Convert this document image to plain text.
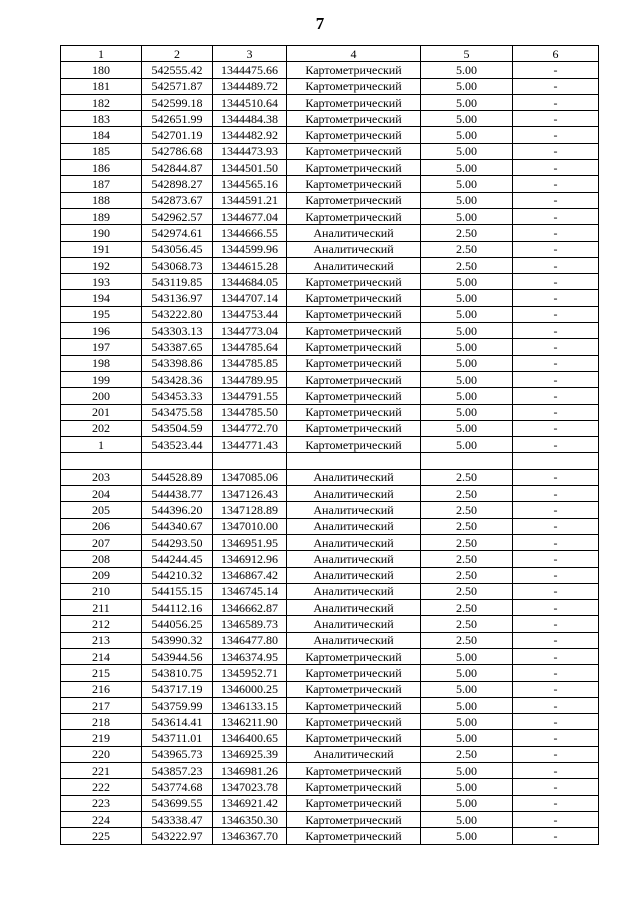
7
1	2	3	4	5	6
180	542555.42	1344475.66	Картометрический	5.00	-
181	542571.87	1344489.72	Картометрический	5.00	-
182	542599.18	1344510.64	Картометрический	5.00	-
183	542651.99	1344484.38	Картометрический	5.00	-
184	542701.19	1344482.92	Картометрический	5.00	-
185	542786.68	1344473.93	Картометрический	5.00	-
186	542844.87	1344501.50	Картометрический	5.00	-
187	542898.27	1344565.16	Картометрический	5.00	-
188	542873.67	1344591.21	Картометрический	5.00	-
189	542962.57	1344677.04	Картометрический	5.00	-
190	542974.61	1344666.55	Аналитический	2.50	-
191	543056.45	1344599.96	Аналитический	2.50	-
192	543068.73	1344615.28	Аналитический	2.50	-
193	543119.85	1344684.05	Картометрический	5.00	-
194	543136.97	1344707.14	Картометрический	5.00	-
195	543222.80	1344753.44	Картометрический	5.00	-
196	543303.13	1344773.04	Картометрический	5.00	-
197	543387.65	1344785.64	Картометрический	5.00	-
198	543398.86	1344785.85	Картометрический	5.00	-
199	543428.36	1344789.95	Картометрический	5.00	-
200	543453.33	1344791.55	Картометрический	5.00	-
201	543475.58	1344785.50	Картометрический	5.00	-
202	543504.59	1344772.70	Картометрический	5.00	-
1	543523.44	1344771.43	Картометрический	5.00	-

203	544528.89	1347085.06	Аналитический	2.50	-
204	544438.77	1347126.43	Аналитический	2.50	-
205	544396.20	1347128.89	Аналитический	2.50	-
206	544340.67	1347010.00	Аналитический	2.50	-
207	544293.50	1346951.95	Аналитический	2.50	-
208	544244.45	1346912.96	Аналитический	2.50	-
209	544210.32	1346867.42	Аналитический	2.50	-
210	544155.15	1346745.14	Аналитический	2.50	-
211	544112.16	1346662.87	Аналитический	2.50	-
212	544056.25	1346589.73	Аналитический	2.50	-
213	543990.32	1346477.80	Аналитический	2.50	-
214	543944.56	1346374.95	Картометрический	5.00	-
215	543810.75	1345952.71	Картометрический	5.00	-
216	543717.19	1346000.25	Картометрический	5.00	-
217	543759.99	1346133.15	Картометрический	5.00	-
218	543614.41	1346211.90	Картометрический	5.00	-
219	543711.01	1346400.65	Картометрический	5.00	-
220	543965.73	1346925.39	Аналитический	2.50	-
221	543857.23	1346981.26	Картометрический	5.00	-
222	543774.68	1347023.78	Картометрический	5.00	-
223	543699.55	1346921.42	Картометрический	5.00	-
224	543338.47	1346350.30	Картометрический	5.00	-
225	543222.97	1346367.70	Картометрический	5.00	-
